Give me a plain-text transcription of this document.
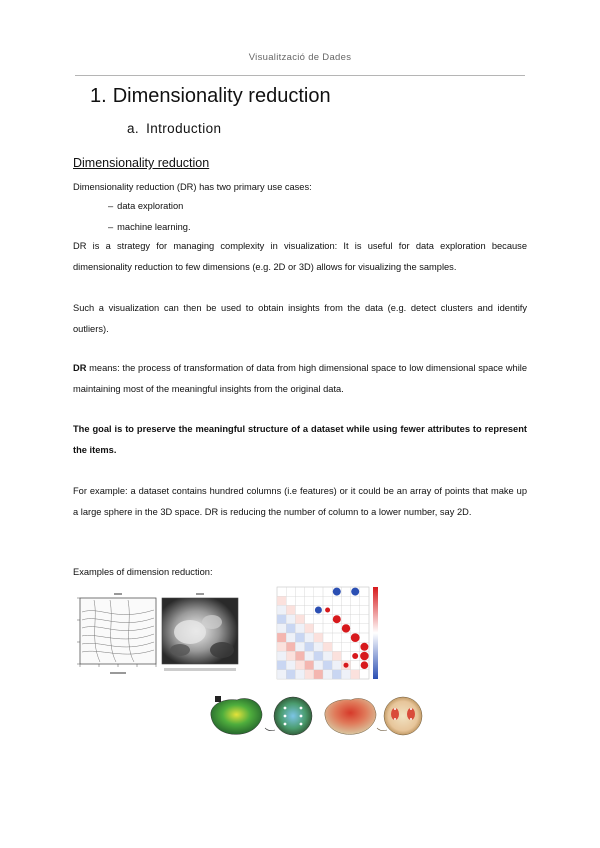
Visualització de Dades
1. Dimensionality reduction
a. Introduction
Dimensionality reduction
Dimensionality reduction (DR) has two primary use cases:
– data exploration
– machine learning.
DR is a strategy for managing complexity in visualization: It is useful for data exploration because dimensionality reduction to few dimensions (e.g. 2D or 3D) allows for visualizing the samples.
Such a visualization can then be used to obtain insights from the data (e.g. detect clusters and identify outliers).
DR means: the process of transformation of data from high dimensional space to low dimensional space while maintaining most of the meaningful insights from the original data.
The goal is to preserve the meaningful structure of a dataset while using fewer attributes to represent the items.
For example: a dataset contains hundred columns (i.e features) or it could be an array of points that make up a large sphere in the 3D space. DR is reducing the number of column to a lower number, say 2D.
Examples of dimension reduction:
